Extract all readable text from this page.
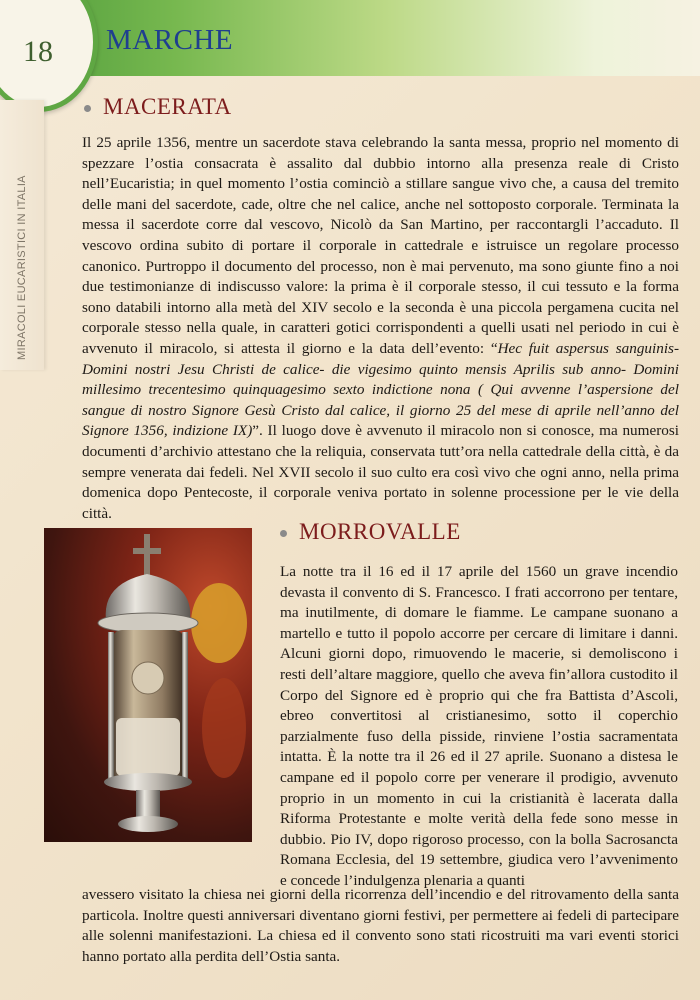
18 MARCHE
MIRACOLI EUCARISTICI IN ITALIA
MACERATA

Il 25 aprile 1356, mentre un sacerdote stava celebrando la santa messa, proprio nel momento di spezzare l’ostia consacrata è assalito dal dubbio intorno alla presenza reale di Cristo nell’Eucaristia; in quel momento l’ostia cominciò a stillare sangue vivo che, a causa del tremito delle mani del sacerdote, cade, oltre che nel calice, anche nel sottoposto corporale. Terminata la messa il sacerdote corre dal vescovo, Nicolò da San Martino, per raccontargli l’accaduto. Il vescovo ordina subito di portare il corporale in cattedrale e istruisce un regolare processo canonico. Purtroppo il documento del processo, non è mai pervenuto, ma sono giunte fino a noi due testimonianze di indiscusso valore: la prima è il corporale stesso, il cui tessuto e la forma sono databili intorno alla metà del XIV secolo e la seconda è una piccola pergamena cucita nel corporale stesso nella quale, in caratteri gotici corrispondenti a quelli usati nel periodo in cui è avvenuto il miracolo, si attesta il giorno e la data dell’evento: “Hec fuit aspersus sanguinis- Domini nostri Jesu Christi de calice- die vigesimo quinto mensis Aprilis sub anno- Domini millesimo trecentesimo quinquagesimo sexto indictione nona ( Qui avvenne l’aspersione del sangue di nostro Signore Gesù Cristo dal calice, il giorno 25 del mese di aprile nell’anno del Signore 1356, indizione IX)”. Il luogo dove è avvenuto il miracolo non si conosce, ma numerosi documenti d’archivio attestano che la reliquia, conservata tutt’ora nella cattedrale della città, è da sempre venerata dai fedeli. Nel XVII secolo il suo culto era così vivo che ogni anno, nella prima domenica dopo Pentecoste, il corporale veniva portato in solenne processione per le vie della città.

MORROVALLE

La notte tra il 16 ed il 17 aprile del 1560 un grave incendio devasta il convento di S. Francesco. I frati accorrono per tentare, ma inutilmente, di domare le fiamme. Le campane suonano a martello e tutto il popolo accorre per cercare di limitare i danni. Alcuni giorni dopo, rimuovendo le macerie, si demoliscono i resti dell’altare maggiore, quello che aveva fin’allora custodito il Corpo del Signore ed è proprio qui che fra Battista d’Ascoli, ebreo convertitosi al cristianesimo, sotto il coperchio parzialmente fuso della pisside, rinviene l’ostia sacramentata intatta. È la notte tra il 26 ed il 27 aprile. Suonano a distesa le campane ed il popolo corre per venerare il prodigio, avvenuto proprio in un momento in cui la cristianità è lacerata dalla Riforma Protestante e molte verità della fede sono messe in dubbio. Pio IV, dopo rigoroso processo, con la bolla Sacrosancta Romana Ecclesia, del 19 settembre, giudica vero l’avvenimento e concede l’indulgenza plenaria a quanti

avessero visitato la chiesa nei giorni della ricorrenza dell’incendio e del ritrovamento della santa particola. Inoltre questi anniversari diventano giorni festivi, per permettere ai fedeli di partecipare alle solenni manifestazioni. La chiesa ed il convento sono stati ricostruiti ma vari eventi storici hanno portato alla perdita dell’Ostia santa.
